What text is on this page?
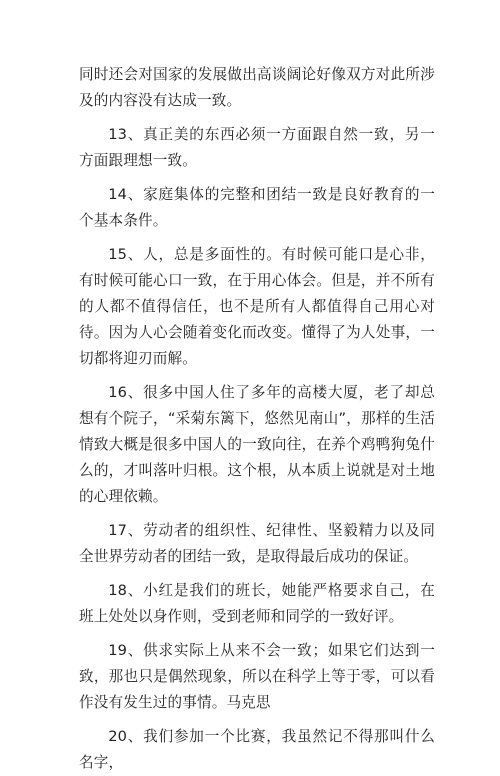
同时还会对国家的发展做出高谈阔论好像双方对此所涉及的内容没有达成一致。

13、真正美的东西必须一方面跟自然一致，另一方面跟理想一致。

14、家庭集体的完整和团结一致是良好教育的一个基本条件。

15、人，总是多面性的。有时候可能口是心非，有时候可能心口一致，在于用心体会。但是，并不所有的人都不值得信任，也不是所有人都值得自己用心对待。因为人心会随着变化而改变。懂得了为人处事，一切都将迎刃而解。

16、很多中国人住了多年的高楼大厦，老了却总想有个院子，“采菊东篱下，悠然见南山”，那样的生活情致大概是很多中国人的一致向往，在养个鸡鸭狗兔什么的，才叫落叶归根。这个根，从本质上说就是对土地的心理依赖。

17、劳动者的组织性、纪律性、坚毅精力以及同全世界劳动者的团结一致，是取得最后成功的保证。

18、小红是我们的班长，她能严格要求自己，在班上处处以身作则，受到老师和同学的一致好评。

19、供求实际上从来不会一致；如果它们达到一致，那也只是偶然现象，所以在科学上等于零，可以看作没有发生过的事情。马克思

20、我们参加一个比赛，我虽然记不得那叫什么名字，
